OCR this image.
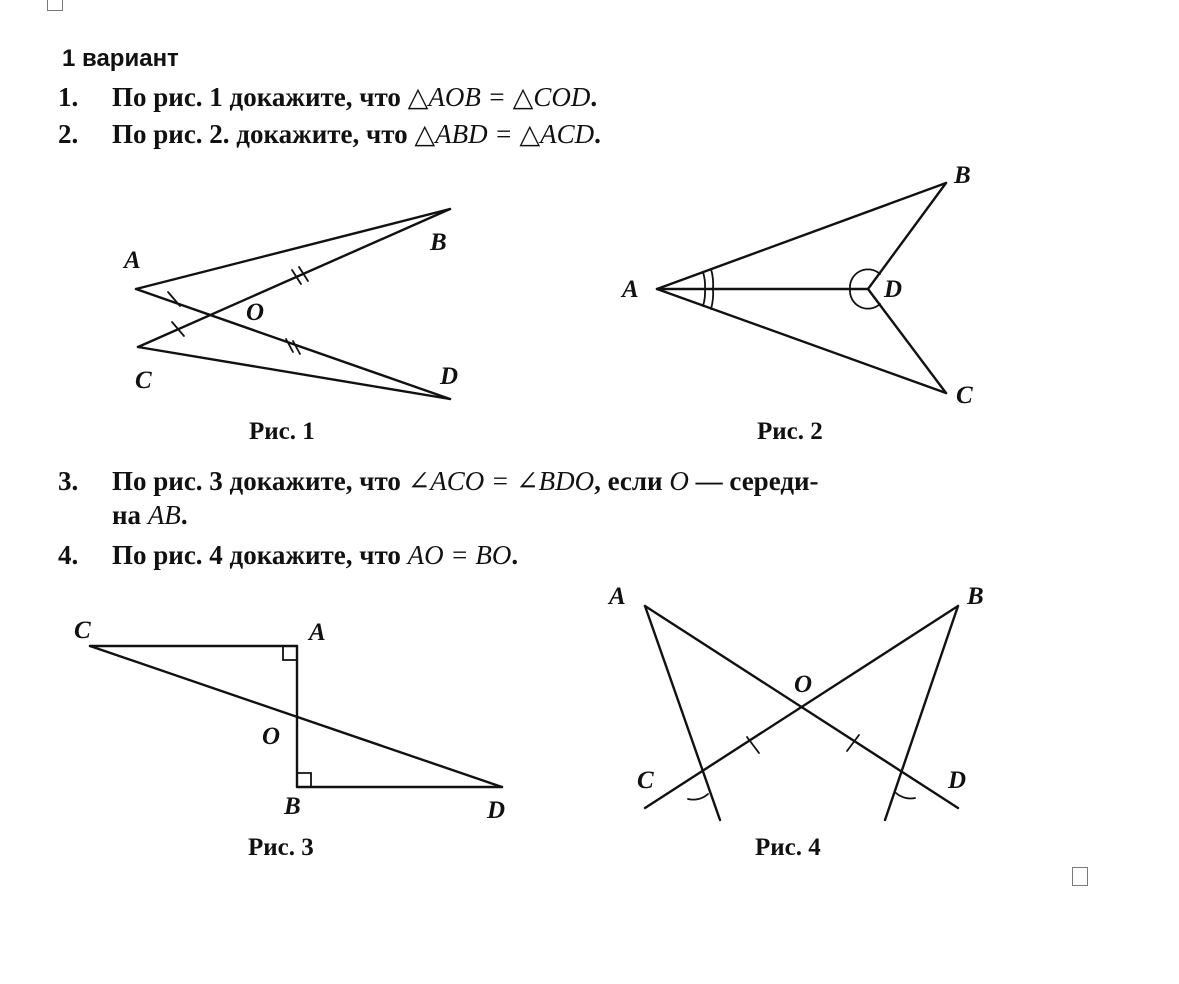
1 вариант
1. По рис. 1 докажите, что △AOB = △COD.
2. По рис. 2. докажите, что △ABD = △ACD.
A
B
C	D
O
Рис. 1
A
B
C
D
Рис. 2
3. По рис. 3 докажите, что ∠ACO = ∠BDO, если O — середи-
на AB.
4. По рис. 4 докажите, что AO = BO.
C	A
O
B	D
Рис. 3
A	B
O
C	D
Рис. 4
